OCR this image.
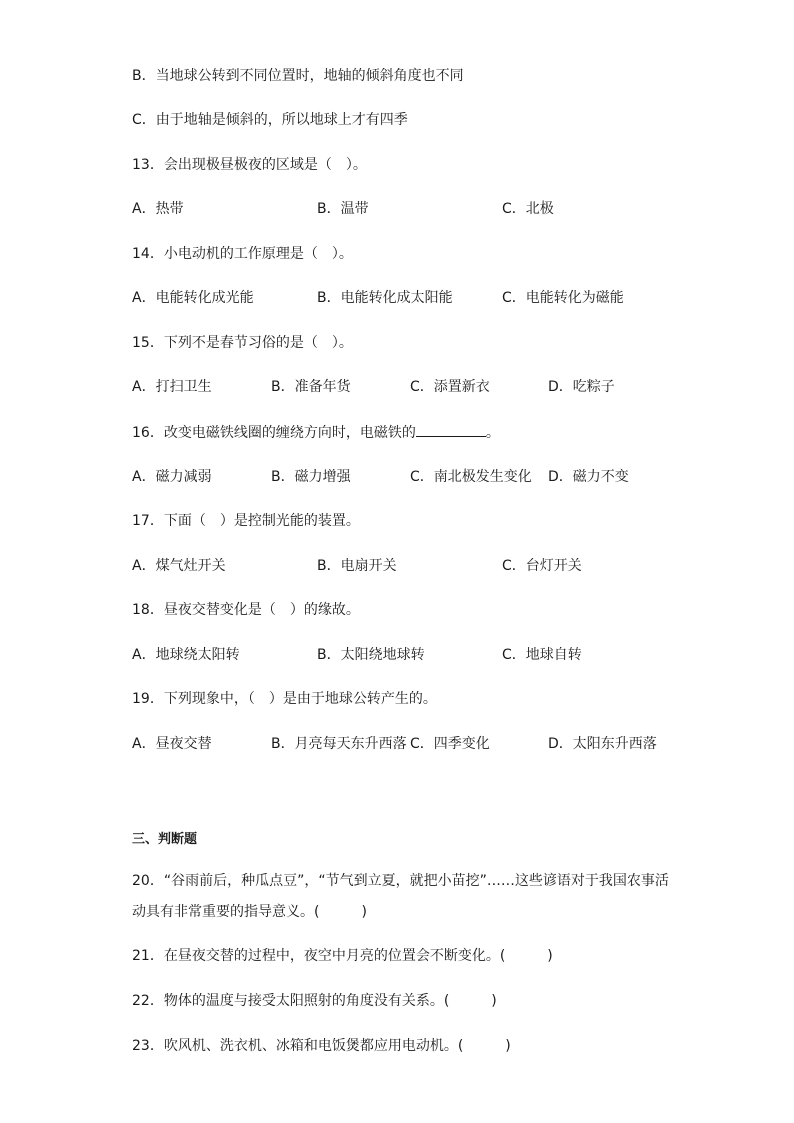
B．当地球公转到不同位置时，地轴的倾斜角度也不同
C．由于地轴是倾斜的，所以地球上才有四季
13．会出现极昼极夜的区域是（　）。
A．热带	B．温带	C．北极
14．小电动机的工作原理是（　）。
A．电能转化成光能	B．电能转化成太阳能	C．电能转化为磁能
15．下列不是春节习俗的是（　）。
A．打扫卫生	B．准备年货	C．添置新衣	D．吃粽子
16．改变电磁铁线圈的缠绕方向时，电磁铁的	。
A．磁力减弱	B．磁力增强	C．南北极发生变化 D．磁力不变
17．下面（　）是控制光能的装置。
A．煤气灶开关	B．电扇开关	C．台灯开关
18．昼夜交替变化是（　）的缘故。
A．地球绕太阳转	B．太阳绕地球转	C．地球自转
19．下列现象中，（　）是由于地球公转产生的。
A．昼夜交替	B．月亮每天东升西落 C．四季变化	D．太阳东升西落
三、判断题
20．“谷雨前后，种瓜点豆”，“节气到立夏，就把小苗挖”……这些谚语对于我国农事活
动具有非常重要的指导意义。(　　　)
21．在昼夜交替的过程中，夜空中月亮的位置会不断变化。(　　　)
22．物体的温度与接受太阳照射的角度没有关系。(　　　)
23．吹风机、洗衣机、冰箱和电饭煲都应用电动机。(　　　)
